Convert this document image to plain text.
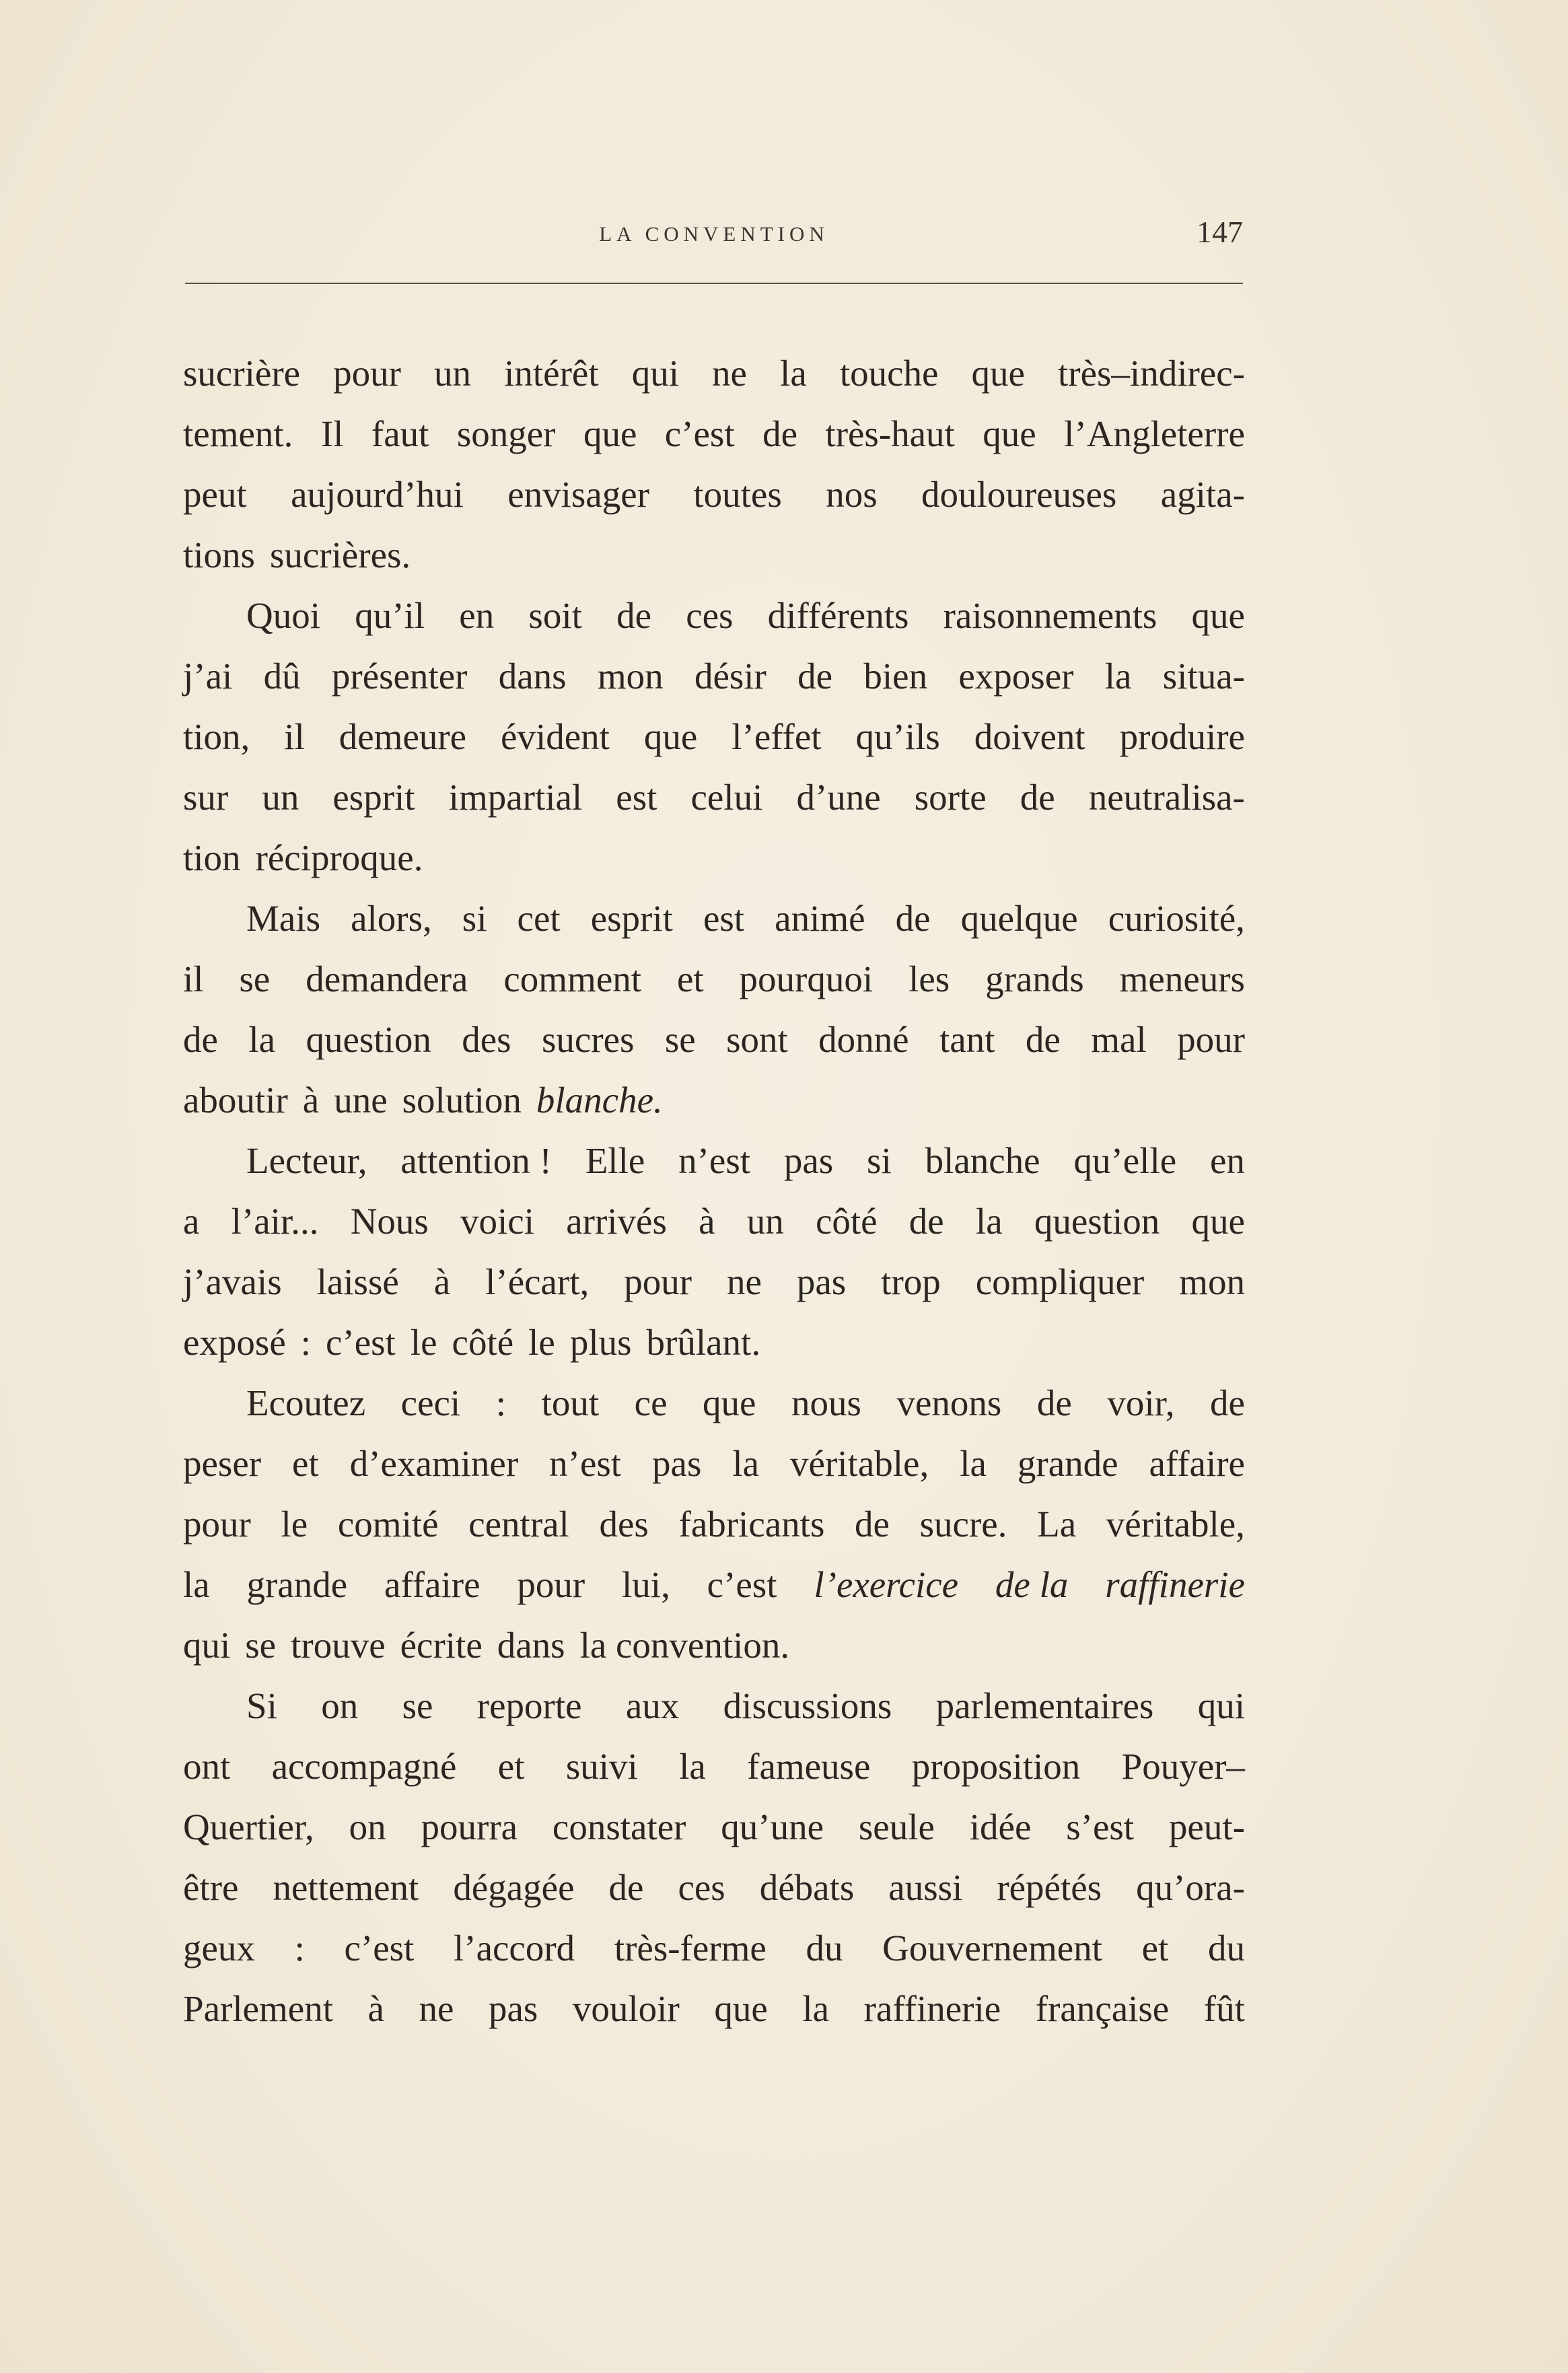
LA CONVENTION	147
sucrière pour un intérêt qui ne la touche que très–indirec-
tement. Il faut songer que c’est de très-haut que l’Angleterre
peut aujourd’hui envisager toutes nos douloureuses agita-
tions sucrières.
Quoi qu’il en soit de ces différents raisonnements que
j’ai dû présenter dans mon désir de bien exposer la situa-
tion, il demeure évident que l’effet qu’ils doivent produire
sur un esprit impartial est celui d’une sorte de neutralisa-
tion réciproque.
Mais alors, si cet esprit est animé de quelque curiosité,
il se demandera comment et pourquoi les grands meneurs
de la question des sucres se sont donné tant de mal pour
aboutir à une solution blanche.
Lecteur, attention ! Elle n’est pas si blanche qu’elle en
a l’air... Nous voici arrivés à un côté de la question que
j’avais laissé à l’écart, pour ne pas trop compliquer mon
exposé : c’est le côté le plus brûlant.
Ecoutez ceci : tout ce que nous venons de voir, de
peser et d’examiner n’est pas la véritable, la grande affaire
pour le comité central des fabricants de sucre. La véritable,
la grande affaire pour lui, c’est l’exercice de la raffinerie
qui se trouve écrite dans la convention.
Si on se reporte aux discussions parlementaires qui
ont accompagné et suivi la fameuse proposition Pouyer–
Quertier, on pourra constater qu’une seule idée s’est peut-
être nettement dégagée de ces débats aussi répétés qu’ora-
geux : c’est l’accord très-ferme du Gouvernement et du
Parlement à ne pas vouloir que la raffinerie française fût
